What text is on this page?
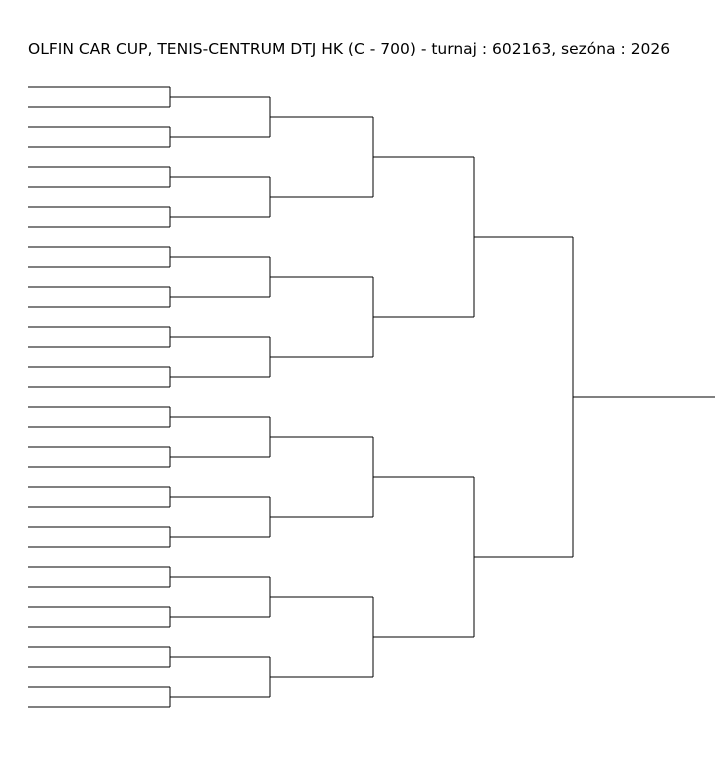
OLFIN CAR CUP, TENIS-CENTRUM DTJ HK (C - 700) - turnaj : 602163, sezóna : 2026
